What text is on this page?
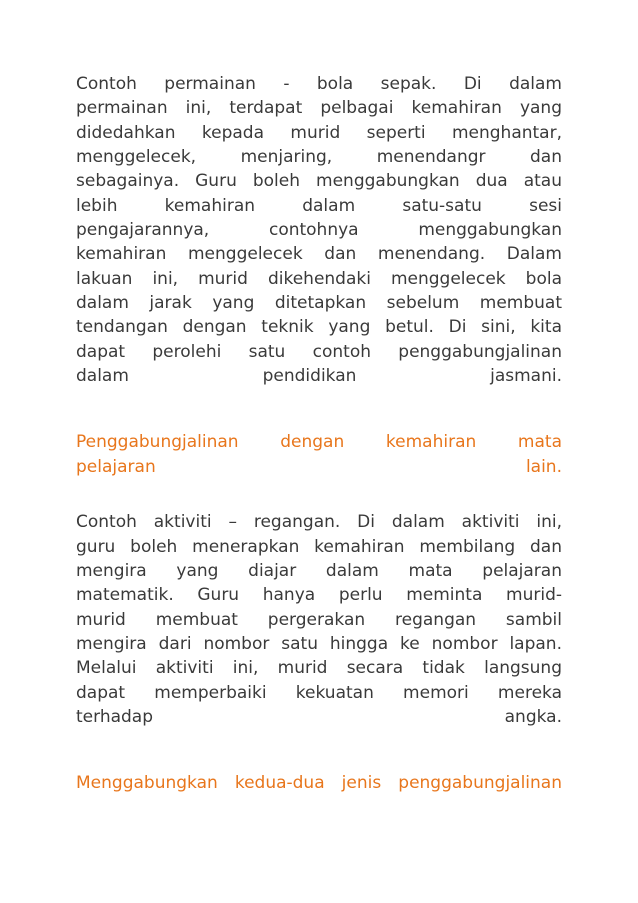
Contoh permainan - bola sepak. Di dalam
permainan ini, terdapat pelbagai kemahiran yang
didedahkan kepada murid seperti menghantar,
menggelecek, menjaring, menendangr dan
sebagainya. Guru boleh menggabungkan dua atau
lebih kemahiran dalam satu-satu sesi
pengajarannya, contohnya menggabungkan
kemahiran menggelecek dan menendang. Dalam
lakuan ini, murid dikehendaki menggelecek bola
dalam jarak yang ditetapkan sebelum membuat
tendangan dengan teknik yang betul. Di sini, kita
dapat perolehi satu contoh penggabungjalinan
dalam pendidikan jasmani.
Penggabungjalinan dengan kemahiran mata
pelajaran lain.
Contoh aktiviti – regangan. Di dalam aktiviti ini,
guru boleh menerapkan kemahiran membilang dan
mengira yang diajar dalam mata pelajaran
matematik. Guru hanya perlu meminta murid-
murid membuat pergerakan regangan sambil
mengira dari nombor satu hingga ke nombor lapan.
Melalui aktiviti ini, murid secara tidak langsung
dapat memperbaiki kekuatan memori mereka
terhadap angka.
Menggabungkan kedua-dua jenis penggabungjalinan
